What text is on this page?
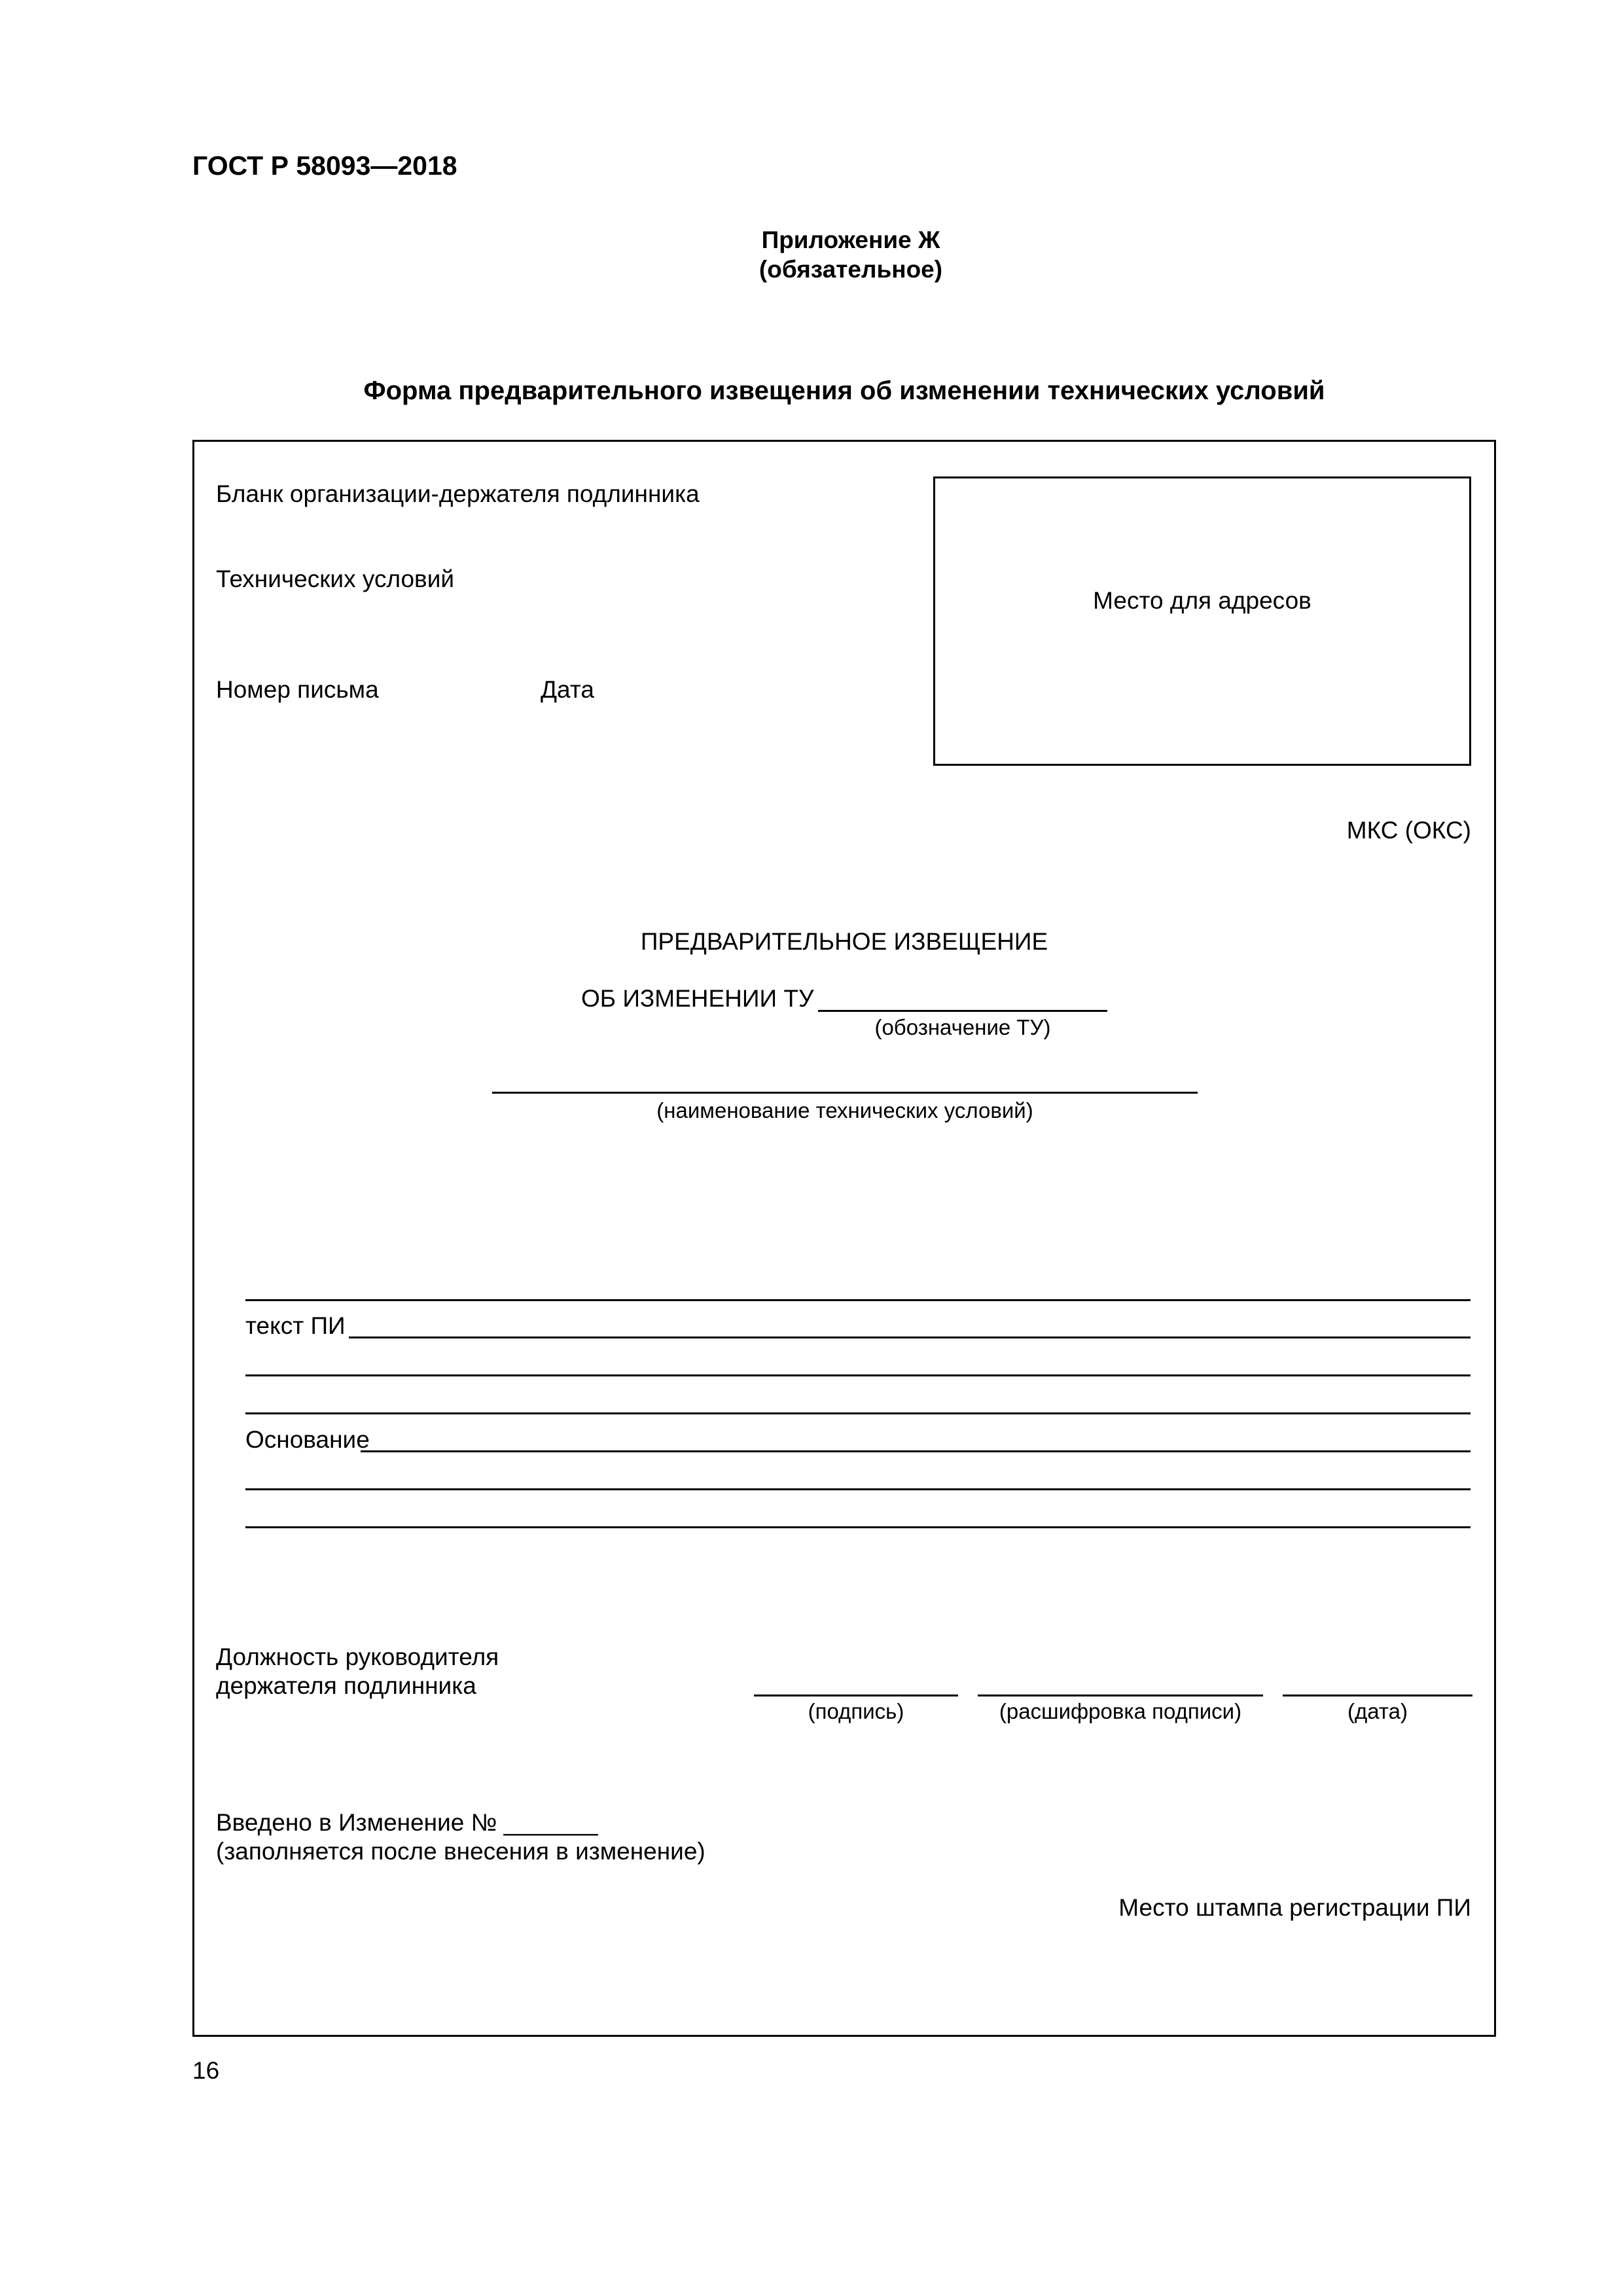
ГОСТ Р 58093—2018
Приложение Ж
(обязательное)
Форма предварительного извещения об изменении технических условий
Бланк организации-держателя подлинника
Технических условий
Номер письма	Дата
Место для адресов
МКС (ОКС)
ПРЕДВАРИТЕЛЬНОЕ ИЗВЕЩЕНИЕ
ОБ ИЗМЕНЕНИИ ТУ
(обозначение ТУ)
(наименование технических условий)
текст ПИ
Основание
Должность руководителя
держателя подлинника
(подпись)	(расшифровка подписи)	(дата)
Введено в Изменение № _______
(заполняется после внесения в изменение)
Место штампа регистрации ПИ
16
